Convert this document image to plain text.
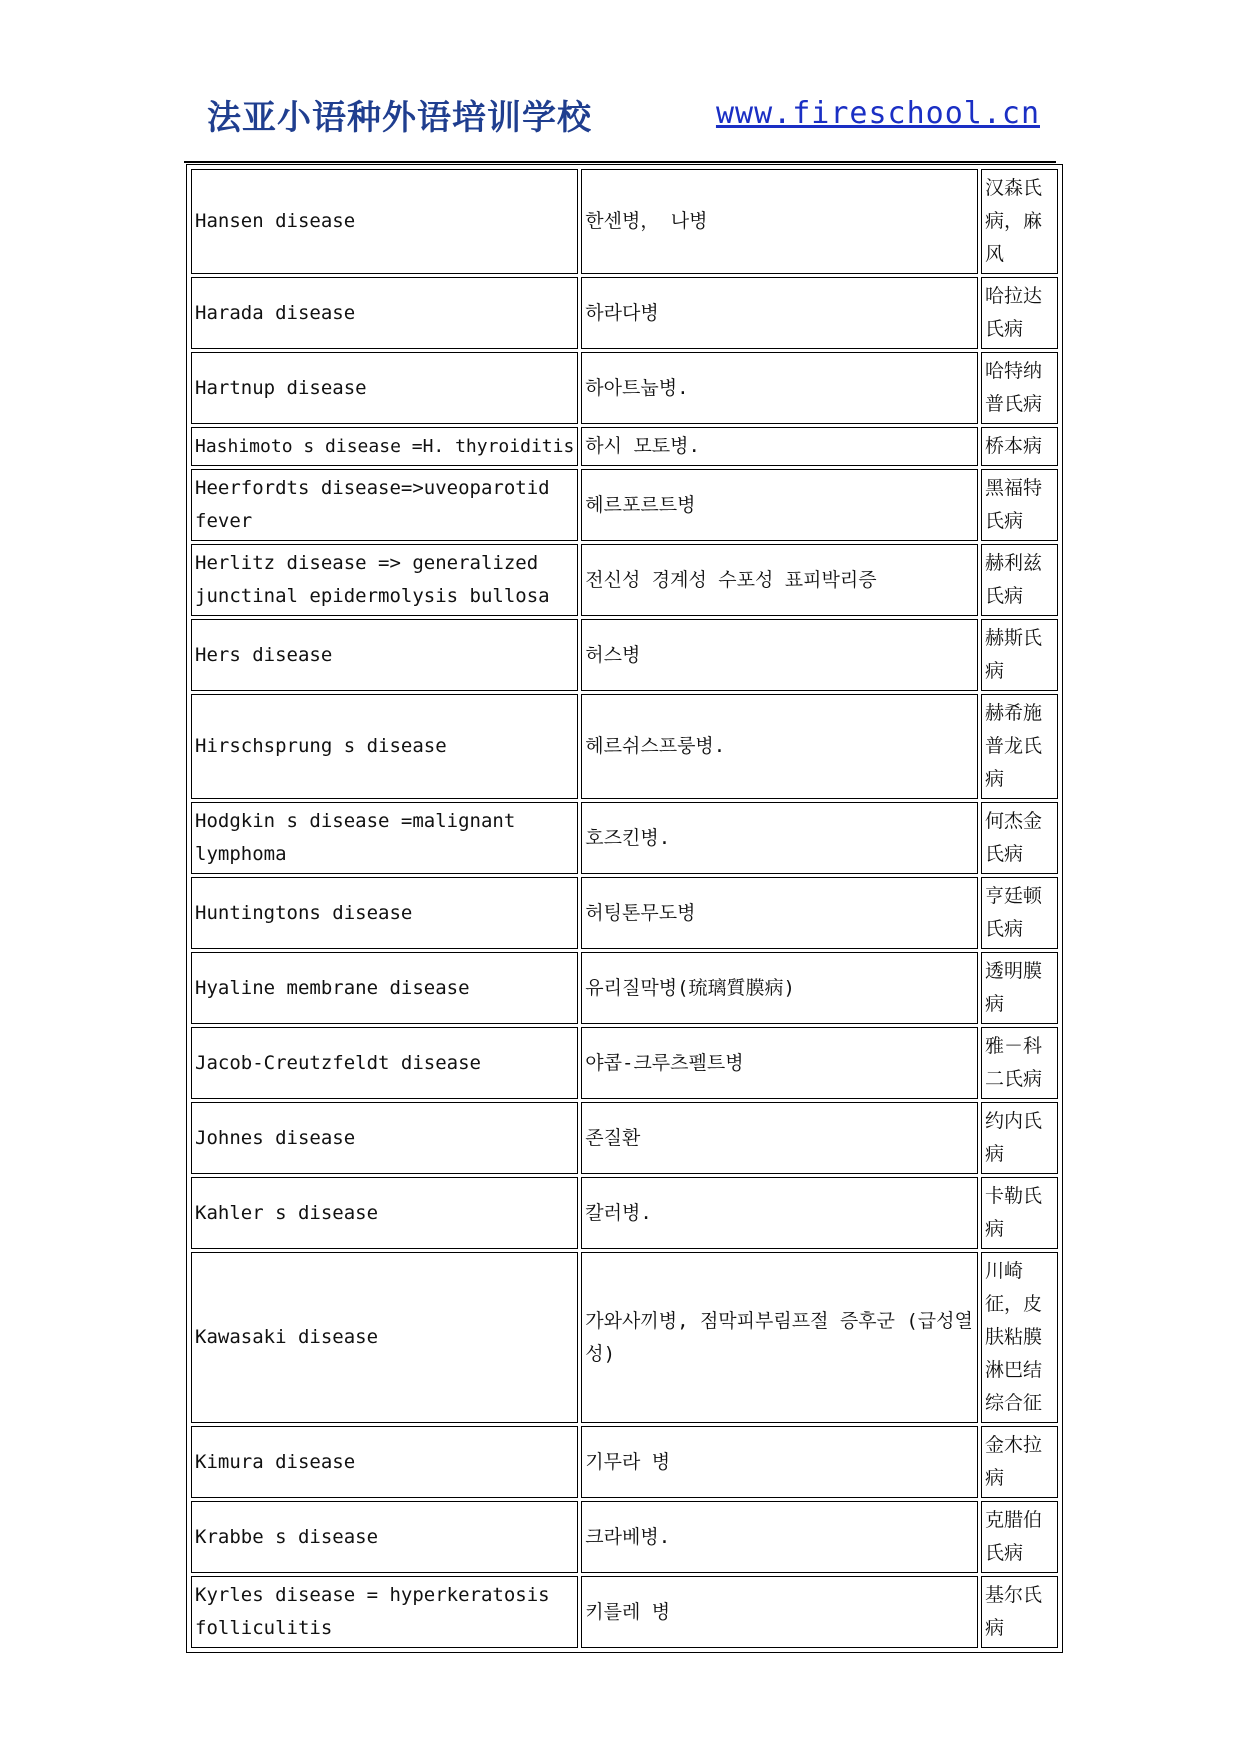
法亚小语种外语培训学校	www.fireschool.cn
Hansen disease	한센병， 나병	汉森氏病，麻风
Harada disease	하라다병	哈拉达氏病
Hartnup disease	하아트눕병.	哈特纳普氏病
Hashimoto s disease =H. thyroiditis	하시 모토병.	桥本病
Heerfordts disease=>uveoparotid fever	헤르포르트병	黑福特氏病
Herlitz disease => generalized junctinal epidermolysis bullosa	전신성 경계성 수포성 표피박리증	赫利兹氏病
Hers disease	허스병	赫斯氏病
Hirschsprung s disease	헤르쉬스프룽병.	赫希施普龙氏病
Hodgkin s disease =malignant lymphoma	호즈킨병.	何杰金氏病
Huntingtons disease	허팅톤무도병	亨廷顿氏病
Hyaline membrane disease	유리질막병(琉璃質膜病)	透明膜病
Jacob-Creutzfeldt disease	야콥-크루츠펠트병	雅－科二氏病
Johnes disease	존질환	约内氏病
Kahler s disease	칼러병.	卡勒氏病
Kawasaki disease	가와사끼병, 점막피부림프절 증후군 (급성열성)	川崎征，皮肤粘膜淋巴结综合征
Kimura disease	기무라 병	金木拉病
Krabbe s disease	크라베병.	克腊伯氏病
Kyrles disease = hyperkeratosis folliculitis	키를레 병	基尔氏病
